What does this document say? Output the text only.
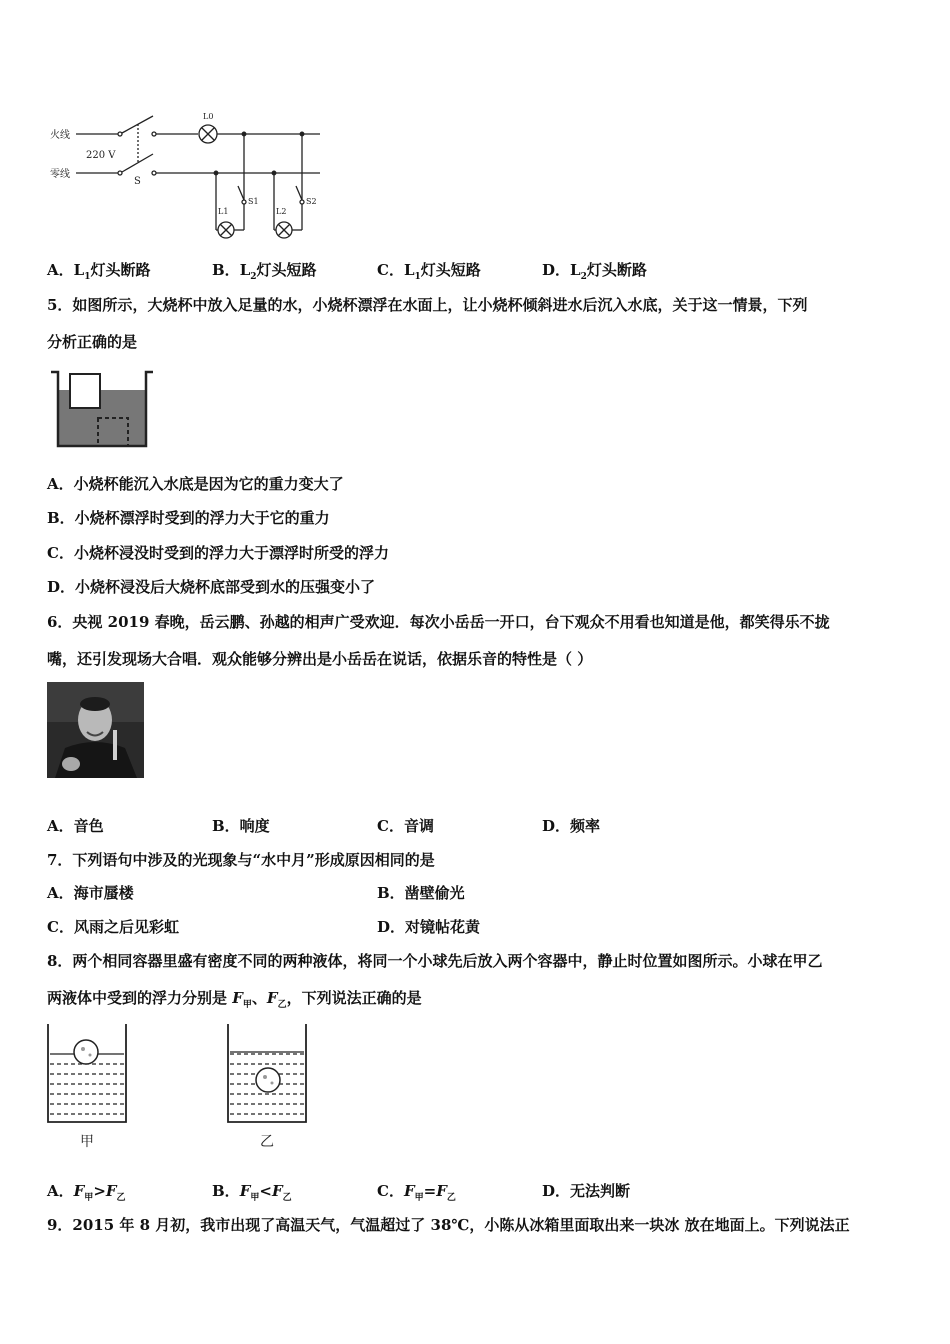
火线
零线
220 V
S
L0
L1
S1
L2
S2
A．$L_1$灯头断路	B．$L_2$灯头短路	C．$L_1$灯头短路	D．$L_2$灯头断路
5．如图所示，大烧杯中放入足量的水，小烧杯漂浮在水面上，让小烧杯倾斜进水后沉入水底，关于这一情景，下列
分析正确的是
A．小烧杯能沉入水底是因为它的重力变大了
B．小烧杯漂浮时受到的浮力大于它的重力
C．小烧杯浸没时受到的浮力大于漂浮时所受的浮力
D．小烧杯浸没后大烧杯底部受到水的压强变小了
6．央视 2019 春晚，岳云鹏、孙越的相声广受欢迎．每次小岳岳一开口，台下观众不用看也知道是他，都笑得乐不拢
嘴，还引发现场大合唱．观众能够分辨出是小岳岳在说话，依据乐音的特性是（ ）
A．音色	B．响度	C．音调	D．频率
7．下列语句中涉及的光现象与“水中月”形成原因相同的是
A．海市蜃楼	B．凿壁偷光
C．风雨之后见彩虹	D．对镜帖花黄
8．两个相同容器里盛有密度不同的两种液体，将同一个小球先后放入两个容器中，静止时位置如图所示。小球在甲乙
两液体中受到的浮力分别是 $F_甲$、$F_乙$，下列说法正确的是
甲	乙
A．$F_甲>F_乙$	B．$F_甲<F_乙$	C．$F_甲=F_乙$	D．无法判断
9．2015 年 8 月初，我市出现了高温天气，气温超过了 38℃，小陈从冰箱里面取出来一块冰 放在地面上。下列说法正
